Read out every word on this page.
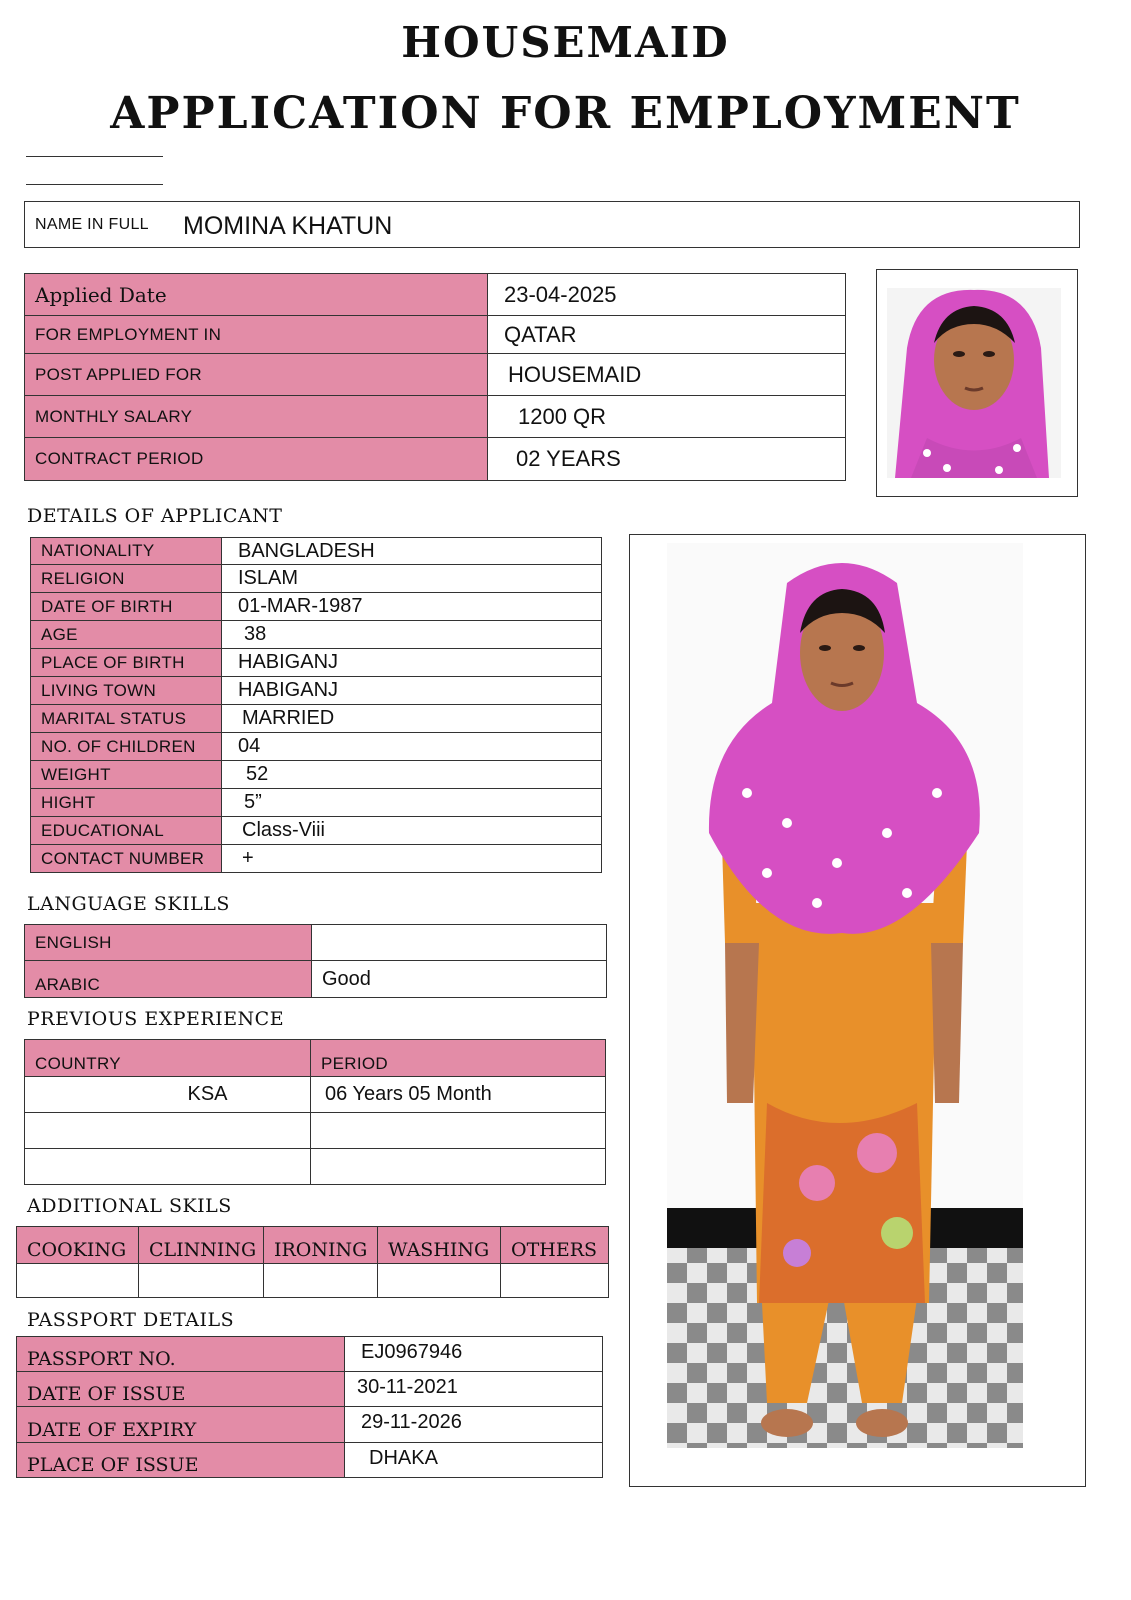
HOUSEMAID
APPLICATION FOR EMPLOYMENT
NAME IN FULL MOMINA KHATUN
Applied Date	23-04-2025
FOR EMPLOYMENT IN	QATAR
POST APPLIED FOR	HOUSEMAID
MONTHLY SALARY	1200 QR
CONTRACT PERIOD	02 YEARS
DETAILS OF APPLICANT
NATIONALITY	BANGLADESH
RELIGION	ISLAM
DATE OF BIRTH	01-MAR-1987
AGE	38
PLACE OF BIRTH	HABIGANJ
LIVING TOWN	HABIGANJ
MARITAL STATUS	MARRIED
NO. OF CHILDREN	04
WEIGHT	52
HIGHT	5”
EDUCATIONAL	Class-Viii
CONTACT NUMBER	+
LANGUAGE SKILLS
ENGLISH	
ARABIC	Good
PREVIOUS EXPERIENCE
COUNTRY	PERIOD
KSA	06 Years 05 Month

ADDITIONAL SKILS
COOKING	CLINNING	IRONING	WASHING	OTHERS

PASSPORT DETAILS
PASSPORT NO.	EJ0967946
DATE OF ISSUE	30-11-2021
DATE OF EXPIRY	29-11-2026
PLACE OF ISSUE	DHAKA
